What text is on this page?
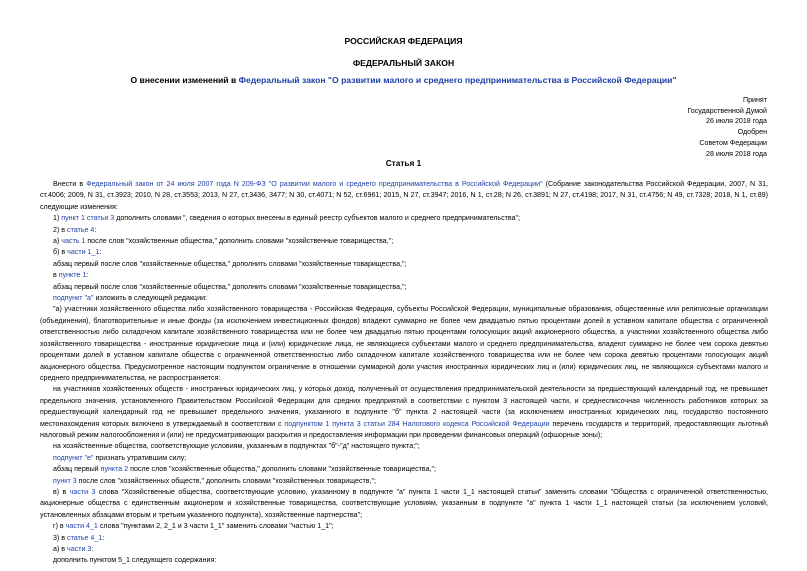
РОССИЙСКАЯ ФЕДЕРАЦИЯ
ФЕДЕРАЛЬНЫЙ ЗАКОН
О внесении изменений в Федеральный закон "О развитии малого и среднего предпринимательства в Российской Федерации"
Принят
Государственной Думой
26 июля 2018 года
Одобрен
Советом Федерации
28 июля 2018 года
Статья 1

Внести в Федеральный закон от 24 июля 2007 года N 209-ФЗ "О развитии малого и среднего предпринимательства в Российской Федерации" (Собрание законодательства Российской Федерации, 2007, N 31, ст.4006; 2009, N 31, ст.3923; 2010, N 28, ст.3553; 2013, N 27, ст.3436, 3477; N 30, ст.4071; N 52, ст.6961; 2015, N 27, ст.3947; 2016, N 1, ст.28; N 26, ст.3891; N 27, ст.4198; 2017, N 31, ст.4756; N 49, ст.7328; 2018, N 1, ст.89) следующие изменения:

1) пункт 1 статьи 3 дополнить словами ", сведения о которых внесены в единый реестр субъектов малого и среднего предпринимательства";

2) в статье 4:

а) часть 1 после слов "хозяйственные общества," дополнить словами "хозяйственные товарищества,";

б) в части 1_1:

абзац первый после слов "хозяйственные общества," дополнить словами "хозяйственные товарищества,";

в пункте 1:

абзац первый после слов "хозяйственные общества," дополнить словами "хозяйственные товарищества,";

подпункт "а" изложить в следующей редакции:

"а) участники хозяйственного общества либо хозяйственного товарищества - Российская Федерация, субъекты Российской Федерации, муниципальные образования, общественные или религиозные организации (объединения), благотворительные и иные фонды (за исключением инвестиционных фондов) владеют суммарно не более чем двадцатью пятью процентами долей в уставном капитале общества с ограниченной ответственностью либо складочном капитале хозяйственного товарищества или не более чем двадцатью пятью процентами голосующих акций акционерного общества, а участники хозяйственного общества либо хозяйственного товарищества - иностранные юридические лица и (или) юридические лица, не являющиеся субъектами малого и среднего предпринимательства, владеют суммарно не более чем сорока девятью процентами долей в уставном капитале общества с ограниченной ответственностью либо складочном капитале хозяйственного товарищества или не более чем сорока девятью процентами голосующих акций акционерного общества. Предусмотренное настоящим подпунктом ограничение в отношении суммарной доли участия иностранных юридических лиц и (или) юридических лиц, не являющихся субъектами малого и среднего предпринимательства, не распространяется:

на участников хозяйственных обществ - иностранных юридических лиц, у которых доход, полученный от осуществления предпринимательской деятельности за предшествующий календарный год, не превышает предельного значения, установленного Правительством Российской Федерации для средних предприятий в соответствии с пунктом 3 настоящей части, и среднесписочная численность работников которых за предшествующий календарный год не превышает предельного значения, указанного в подпункте "б" пункта 2 настоящей части (за исключением иностранных юридических лиц, государство постоянного местонахождения которых включено в утверждаемый в соответствии с подпунктом 1 пункта 3 статьи 284 Налогового кодекса Российской Федерации перечень государств и территорий, предоставляющих льготный налоговый режим налогообложения и (или) не предусматривающих раскрытия и предоставления информации при проведении финансовых операций (офшорные зоны);

на хозяйственные общества, соответствующие условиям, указанным в подпунктах "б"-"д" настоящего пункта;";

подпункт "е" признать утратившим силу;

абзац первый пункта 2 после слов "хозяйственные общества," дополнить словами "хозяйственные товарищества,";

пункт 3 после слов "хозяйственных обществ," дополнить словами "хозяйственных товариществ,";

в) в части 3 слова "Хозяйственные общества, соответствующие условию, указанному в подпункте "а" пункта 1 части 1_1 настоящей статьи" заменить словами "Общества с ограниченной ответственностью, акционерные общества с единственным акционером и хозяйственные товарищества, соответствующие условиям, указанным в подпункте "а" пункта 1 части 1_1 настоящей статьи (за исключением условий, установленных абзацами вторым и третьим указанного подпункта), хозяйственные партнерства";

г) в части 4_1 слова "пунктами 2, 2_1 и 3 части 1_1" заменить словами "частью 1_1";

3) в статье 4_1:

а) в части 3:

дополнить пунктом 5_1 следующего содержания:
